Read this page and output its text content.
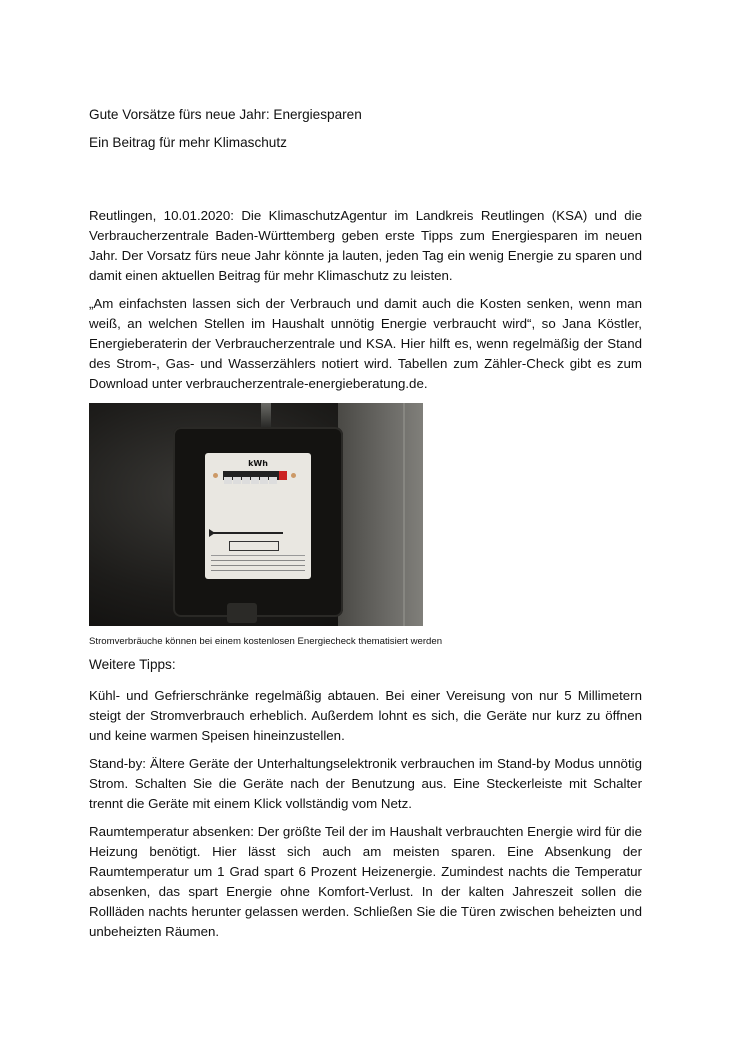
Gute Vorsätze fürs neue Jahr: Energiesparen

Ein Beitrag für mehr Klimaschutz

Reutlingen, 10.01.2020: Die KlimaschutzAgentur im Landkreis Reutlingen (KSA) und die Verbraucherzentrale Baden-Württemberg geben erste Tipps zum Energiesparen im neuen Jahr. Der Vorsatz fürs neue Jahr könnte ja lauten, jeden Tag ein wenig Energie zu sparen und damit einen aktuellen Beitrag für mehr Klimaschutz zu leisten.

„Am einfachsten lassen sich der Verbrauch und damit auch die Kosten senken, wenn man weiß, an welchen Stellen im Haushalt unnötig Energie verbraucht wird“, so Jana Köstler, Energieberaterin der Verbraucherzentrale und KSA. Hier hilft es, wenn regelmäßig der Stand des Strom-, Gas- und Wasserzählers notiert wird. Tabellen zum Zähler-Check gibt es zum Download unter verbraucherzentrale-energieberatung.de.

kWh

Stromverbräuche können bei einem kostenlosen Energiecheck thematisiert werden

Weitere Tipps:

Kühl- und Gefrierschränke regelmäßig abtauen. Bei einer Vereisung von nur 5 Millimetern steigt der Stromverbrauch erheblich. Außerdem lohnt es sich, die Geräte nur kurz zu öffnen und keine warmen Speisen hineinzustellen.

Stand-by: Ältere Geräte der Unterhaltungselektronik verbrauchen im Stand-by Modus unnötig Strom. Schalten Sie die Geräte nach der Benutzung aus. Eine Steckerleiste mit Schalter trennt die Geräte mit einem Klick vollständig vom Netz.

Raumtemperatur absenken: Der größte Teil der im Haushalt verbrauchten Energie wird für die Heizung benötigt. Hier lässt sich auch am meisten sparen. Eine Absenkung der Raumtemperatur um 1 Grad spart 6 Prozent Heizenergie. Zumindest nachts die Temperatur absenken, das spart Energie ohne Komfort-Verlust. In der kalten Jahreszeit sollen die Rollläden nachts herunter gelassen werden. Schließen Sie die Türen zwischen beheizten und unbeheizten Räumen.
